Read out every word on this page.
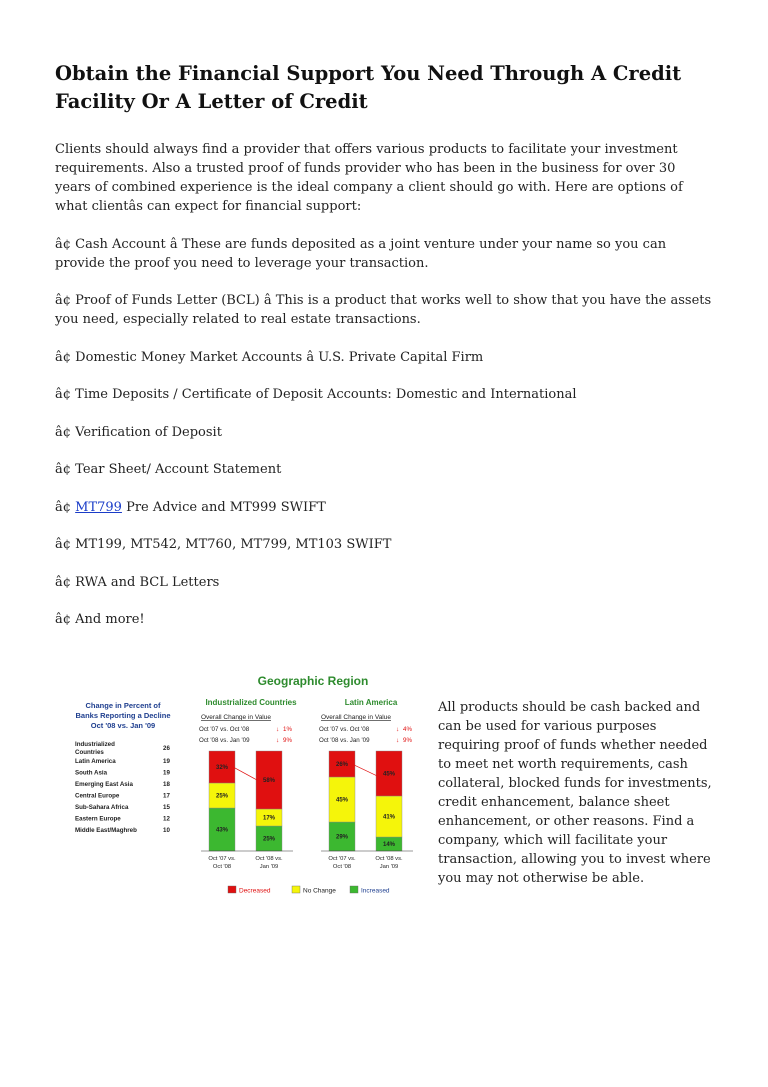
Obtain the Financial Support You Need Through A Credit Facility Or A Letter of Credit

Clients should always find a provider that offers various products to facilitate your investment requirements. Also a trusted proof of funds provider who has been in the business for over 30 years of combined experience is the ideal company a client should go with. Here are options of what clientâs can expect for financial support:

â¢ Cash Account â These are funds deposited as a joint venture under your name so you can provide the proof you need to leverage your transaction.

â¢ Proof of Funds Letter (BCL) â This is a product that works well to show that you have the assets you need, especially related to real estate transactions.

â¢ Domestic Money Market Accounts â U.S. Private Capital Firm

â¢ Time Deposits / Certificate of Deposit Accounts: Domestic and International

â¢ Verification of Deposit

â¢ Tear Sheet/ Account Statement

â¢ MT799 Pre Advice and MT999 SWIFT

â¢ MT199, MT542, MT760, MT799, MT103 SWIFT

â¢ RWA and BCL Letters

â¢ And more!

Geographic Region
Change in Percent of
Banks Reporting a Decline
Oct '08 vs. Jan '09
Industrialized
Countries
26
Latin America	19
South Asia	19
Emerging East Asia	18
Central Europe	17
Sub-Sahara Africa	15
Eastern Europe	12
Middle East/Maghreb	10
Industrialized Countries
Overall Change in Value
Oct '07 vs. Oct '08	↓ 1%
Oct '08 vs. Jan '09	↓ 9%
43%
25%
32%
Oct '07 vs.
Oct '08
25%
17%
58%
Oct '08 vs.
Jan '09
Latin America
Overall Change in Value
Oct '07 vs. Oct '08	↓ 4%
Oct '08 vs. Jan '09	↓ 9%
29%
45%
26%
Oct '07 vs.
Oct '08
14%
41%
45%
Oct '08 vs.
Jan '09
Decreased	No Change	Increased

All products should be cash backed and can be used for various purposes requiring proof of funds whether needed to meet net worth requirements, cash collateral, blocked funds for investments, credit enhancement, balance sheet enhancement, or other reasons. Find a company, which will facilitate your transaction, allowing you to invest where you may not otherwise be able.
